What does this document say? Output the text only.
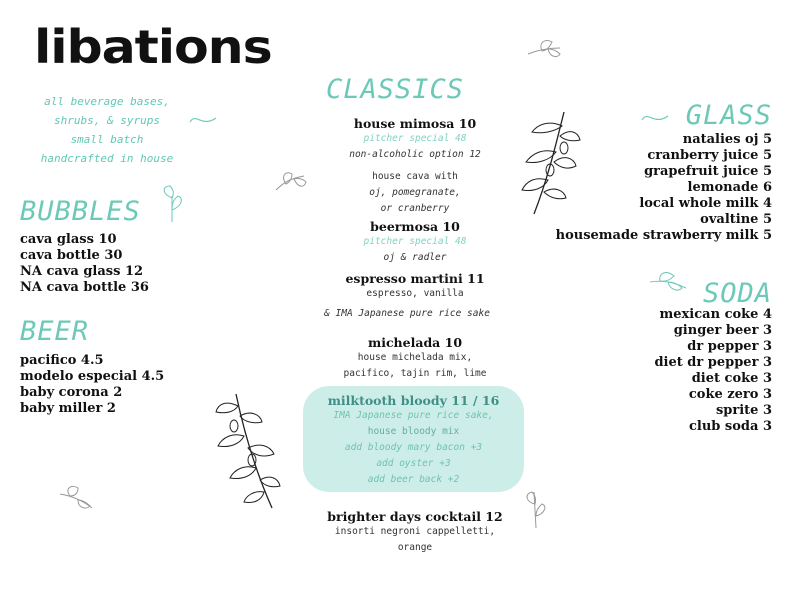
libations
all beverage bases,
shrubs, & syrups
small batch
handcrafted in house
BUBBLES
cava glass 10
cava bottle 30
NA cava glass 12
NA cava bottle 36
BEER
pacifico 4.5
modelo especial 4.5
baby corona 2
baby miller 2
CLASSICS
house mimosa 10
pitcher special 48
non-alcoholic option 12
house cava with
oj, pomegranate,
or cranberry
beermosa 10
pitcher special 48
oj & radler
espresso martini 11
espresso, vanilla
& IMA Japanese pure rice sake
michelada 10
house michelada mix,
pacifico, tajin rim, lime
milktooth bloody 11 / 16
IMA Japanese pure rice sake,
house bloody mix
add bloody mary bacon +3
add oyster +3
add beer back +2
brighter days cocktail 12
insorti negroni cappelletti,
orange
GLASS
natalies oj 5
cranberry juice 5
grapefruit juice 5
lemonade 6
local whole milk 4
ovaltine 5
housemade strawberry milk 5
SODA
mexican coke 4
ginger beer 3
dr pepper 3
diet dr pepper 3
diet coke 3
coke zero 3
sprite 3
club soda 3
